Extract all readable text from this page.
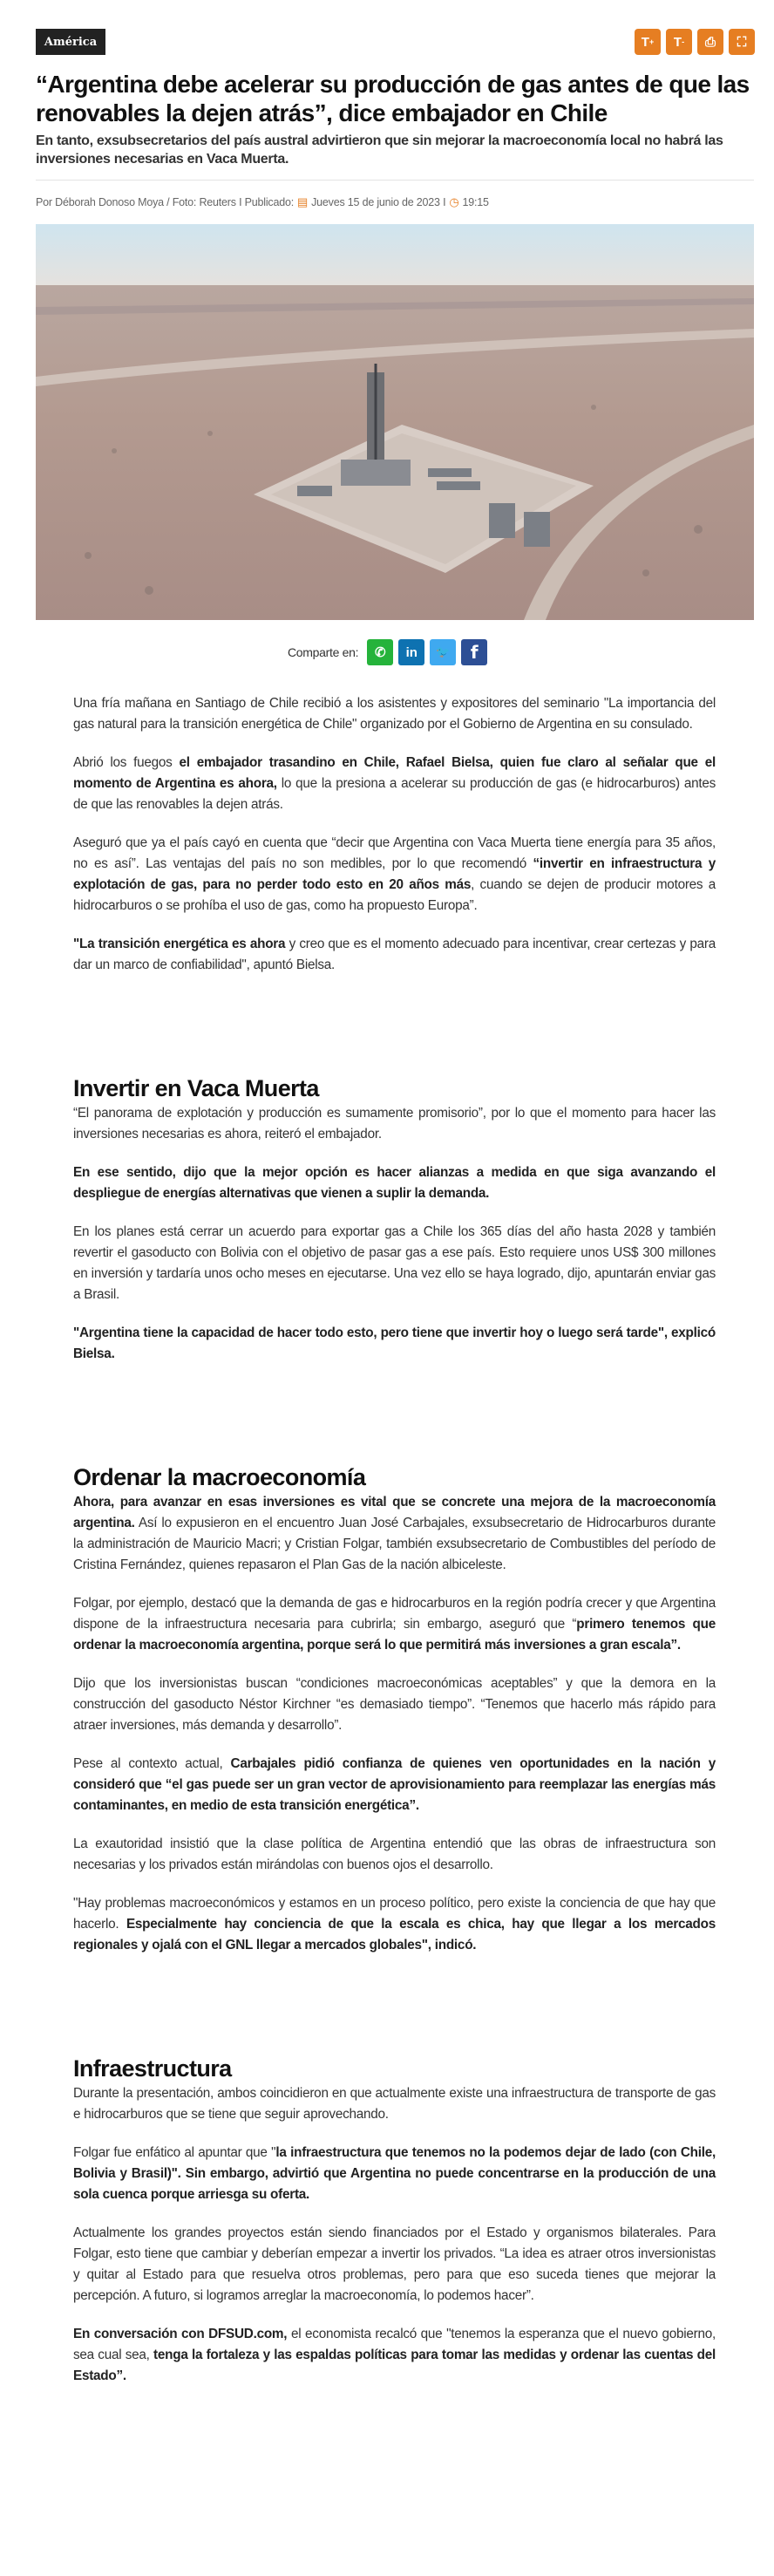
América	T + T - ⎙ ⛶
“Argentina debe acelerar su producción de gas antes de que las renovables la dejen atrás”, dice embajador en Chile

En tanto, exsubsecretarios del país austral advirtieron que sin mejorar la macroeconomía local no habrá las inversiones necesarias en Vaca Muerta.

Por Déborah Donoso Moya / Foto: Reuters I Publicado: ▤ Jueves 15 de junio de 2023 I ◷ 19:15
Comparte en: ✆ in 🐦 f

Una fría mañana en Santiago de Chile recibió a los asistentes y expositores del seminario "La importancia del gas natural para la transición energética de Chile" organizado por el Gobierno de Argentina en su consulado.

Abrió los fuegos el embajador trasandino en Chile, Rafael Bielsa, quien fue claro al señalar que el momento de Argentina es ahora, lo que la presiona a acelerar su producción de gas (e hidrocarburos) antes de que las renovables la dejen atrás.

Aseguró que ya el país cayó en cuenta que “decir que Argentina con Vaca Muerta tiene energía para 35 años, no es así”. Las ventajas del país no son medibles, por lo que recomendó “invertir en infraestructura y explotación de gas, para no perder todo esto en 20 años más, cuando se dejen de producir motores a hidrocarburos o se prohíba el uso de gas, como ha propuesto Europa”.

"La transición energética es ahora y creo que es el momento adecuado para incentivar, crear certezas y para dar un marco de confiabilidad", apuntó Bielsa.

Invertir en Vaca Muerta

“El panorama de explotación y producción es sumamente promisorio”, por lo que el momento para hacer las inversiones necesarias es ahora, reiteró el embajador.

En ese sentido, dijo que la mejor opción es hacer alianzas a medida en que siga avanzando el despliegue de energías alternativas que vienen a suplir la demanda.

En los planes está cerrar un acuerdo para exportar gas a Chile los 365 días del año hasta 2028 y también revertir el gasoducto con Bolivia con el objetivo de pasar gas a ese país. Esto requiere unos US$ 300 millones en inversión y tardaría unos ocho meses en ejecutarse. Una vez ello se haya logrado, dijo, apuntarán enviar gas a Brasil.

"Argentina tiene la capacidad de hacer todo esto, pero tiene que invertir hoy o luego será tarde", explicó Bielsa.

Ordenar la macroeconomía

Ahora, para avanzar en esas inversiones es vital que se concrete una mejora de la macroeconomía argentina. Así lo expusieron en el encuentro Juan José Carbajales, exsubsecretario de Hidrocarburos durante la administración de Mauricio Macri; y Cristian Folgar, también exsubsecretario de Combustibles del período de Cristina Fernández, quienes repasaron el Plan Gas de la nación albiceleste.

Folgar, por ejemplo, destacó que la demanda de gas e hidrocarburos en la región podría crecer y que Argentina dispone de la infraestructura necesaria para cubrirla; sin embargo, aseguró que “primero tenemos que ordenar la macroeconomía argentina, porque será lo que permitirá más inversiones a gran escala”.

Dijo que los inversionistas buscan “condiciones macroeconómicas aceptables” y que la demora en la construcción del gasoducto Néstor Kirchner “es demasiado tiempo”. “Tenemos que hacerlo más rápido para atraer inversiones, más demanda y desarrollo”.

Pese al contexto actual, Carbajales pidió confianza de quienes ven oportunidades en la nación y consideró que “el gas puede ser un gran vector de aprovisionamiento para reemplazar las energías más contaminantes, en medio de esta transición energética”.

La exautoridad insistió que la clase política de Argentina entendió que las obras de infraestructura son necesarias y los privados están mirándolas con buenos ojos el desarrollo.

"Hay problemas macroeconómicos y estamos en un proceso político, pero existe la conciencia de que hay que hacerlo. Especialmente hay conciencia de que la escala es chica, hay que llegar a los mercados regionales y ojalá con el GNL llegar a mercados globales", indicó.

Infraestructura

Durante la presentación, ambos coincidieron en que actualmente existe una infraestructura de transporte de gas e hidrocarburos que se tiene que seguir aprovechando.

Folgar fue enfático al apuntar que "la infraestructura que tenemos no la podemos dejar de lado (con Chile, Bolivia y Brasil)". Sin embargo, advirtió que Argentina no puede concentrarse en la producción de una sola cuenca porque arriesga su oferta.

Actualmente los grandes proyectos están siendo financiados por el Estado y organismos bilaterales. Para Folgar, esto tiene que cambiar y deberían empezar a invertir los privados. “La idea es atraer otros inversionistas y quitar al Estado para que resuelva otros problemas, pero para que eso suceda tienes que mejorar la percepción. A futuro, si logramos arreglar la macroeconomía, lo podemos hacer”.

En conversación con DFSUD.com, el economista recalcó que "tenemos la esperanza que el nuevo gobierno, sea cual sea, tenga la fortaleza y las espaldas políticas para tomar las medidas y ordenar las cuentas del Estado”.
